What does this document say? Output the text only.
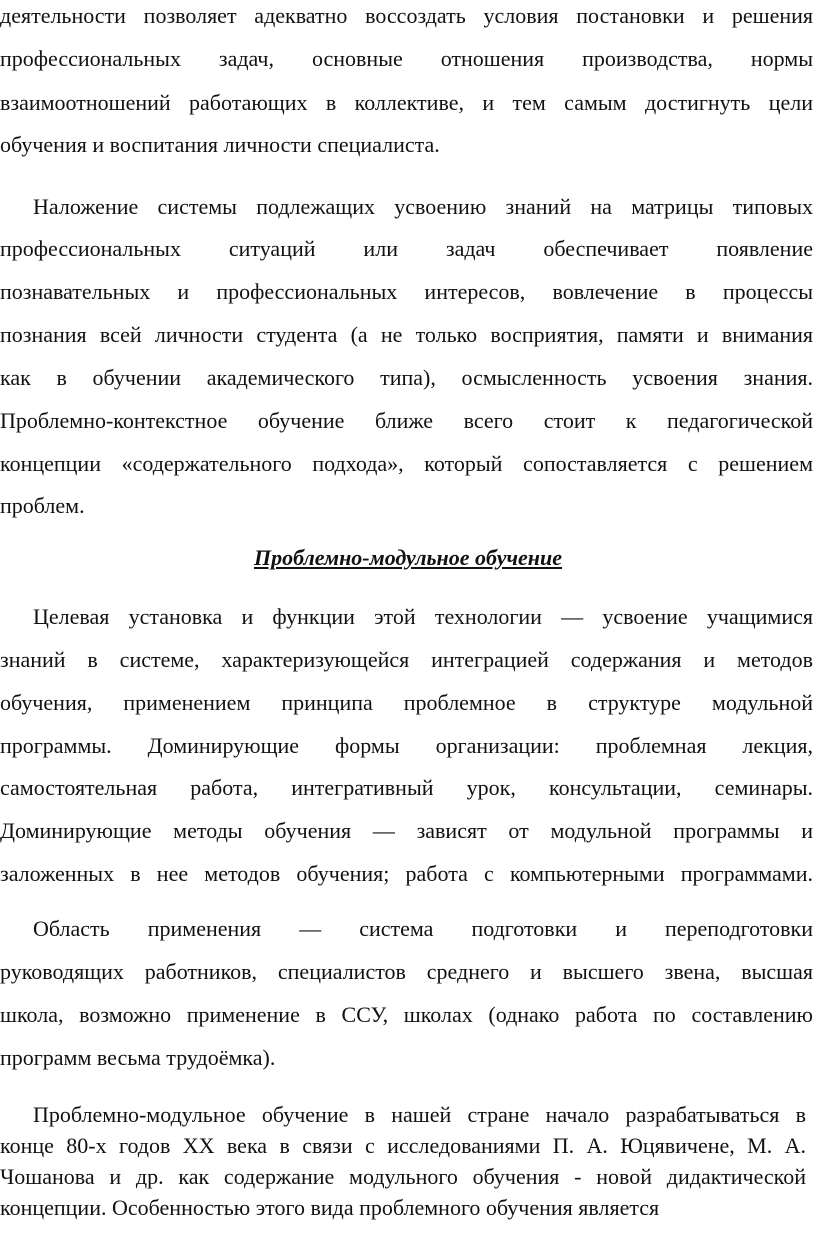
деятельности позволяет адекватно воссоздать условия постановки и решения
профессиональных задач, основные отношения производства, нормы
взаимоотношений работающих в коллективе, и тем самым достигнуть цели
обучения и воспитания личности специалиста.
Наложение системы подлежащих усвоению знаний на матрицы типовых
профессиональных ситуаций или задач обеспечивает появление
познавательных и профессиональных интересов, вовлечение в процессы
познания всей личности студента (а не только восприятия, памяти и внимания
как в обучении академического типа), осмысленность усвоения знания.
Проблемно-контекстное обучение ближе всего стоит к педагогической
концепции «содержательного подхода», который сопоставляется с решением
проблем.
Проблемно-модульное обучение
Целевая установка и функции этой технологии — усвоение учащимися
знаний в системе, характеризующейся интеграцией содержания и методов
обучения, применением принципа проблемное в структуре модульной
программы. Доминирующие формы организации: проблемная лекция,
самостоятельная работа, интегративный урок, консультации, семинары.
Доминирующие методы обучения — зависят от модульной программы и
заложенных в нее методов обучения; работа с компьютерными программами.
Область применения — система подготовки и переподготовки
руководящих работников, специалистов среднего и высшего звена, высшая
школа, возможно применение в ССУ, школах (однако работа по составлению
программ весьма трудоёмка).
Проблемно-модульное обучение в нашей стране начало разрабатываться в
конце 80-х годов XX века в связи с исследованиями П. А. Юцявичене, М. А.
Чошанова и др. как содержание модульного обучения - новой дидактической
концепции. Особенностью этого вида проблемного обучения является
